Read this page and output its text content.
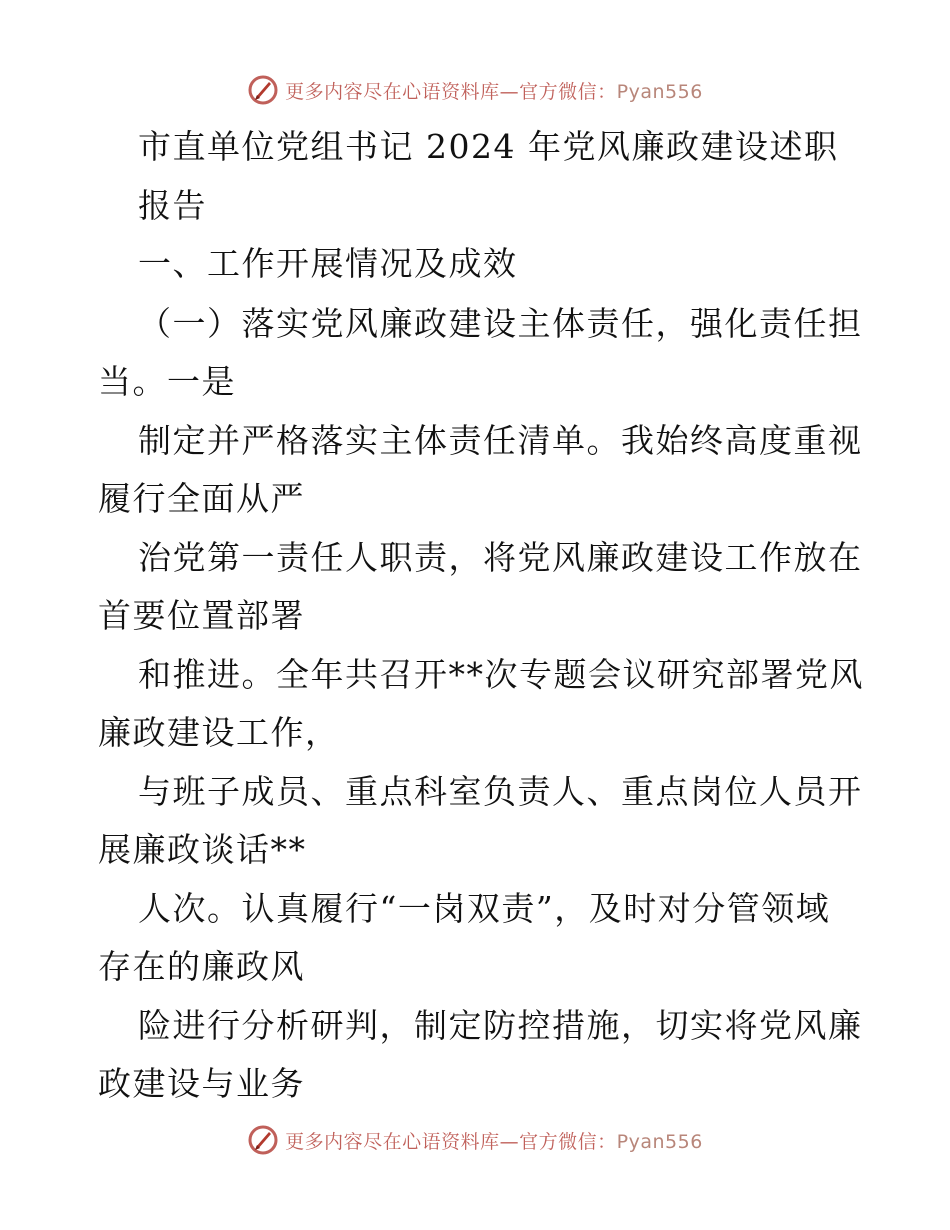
更多内容尽在心语资料库—官方微信：Pyan556
市直单位党组书记 2024 年党风廉政建设述职
报告
一、工作开展情况及成效
（一）落实党风廉政建设主体责任，强化责任担
当。一是
制定并严格落实主体责任清单。我始终高度重视
履行全面从严
治党第一责任人职责，将党风廉政建设工作放在
首要位置部署
和推进。全年共召开**次专题会议研究部署党风
廉政建设工作，
与班子成员、重点科室负责人、重点岗位人员开
展廉政谈话**
人次。认真履行“一岗双责”，及时对分管领域
存在的廉政风
险进行分析研判，制定防控措施，切实将党风廉
政建设与业务
更多内容尽在心语资料库—官方微信：Pyan556
